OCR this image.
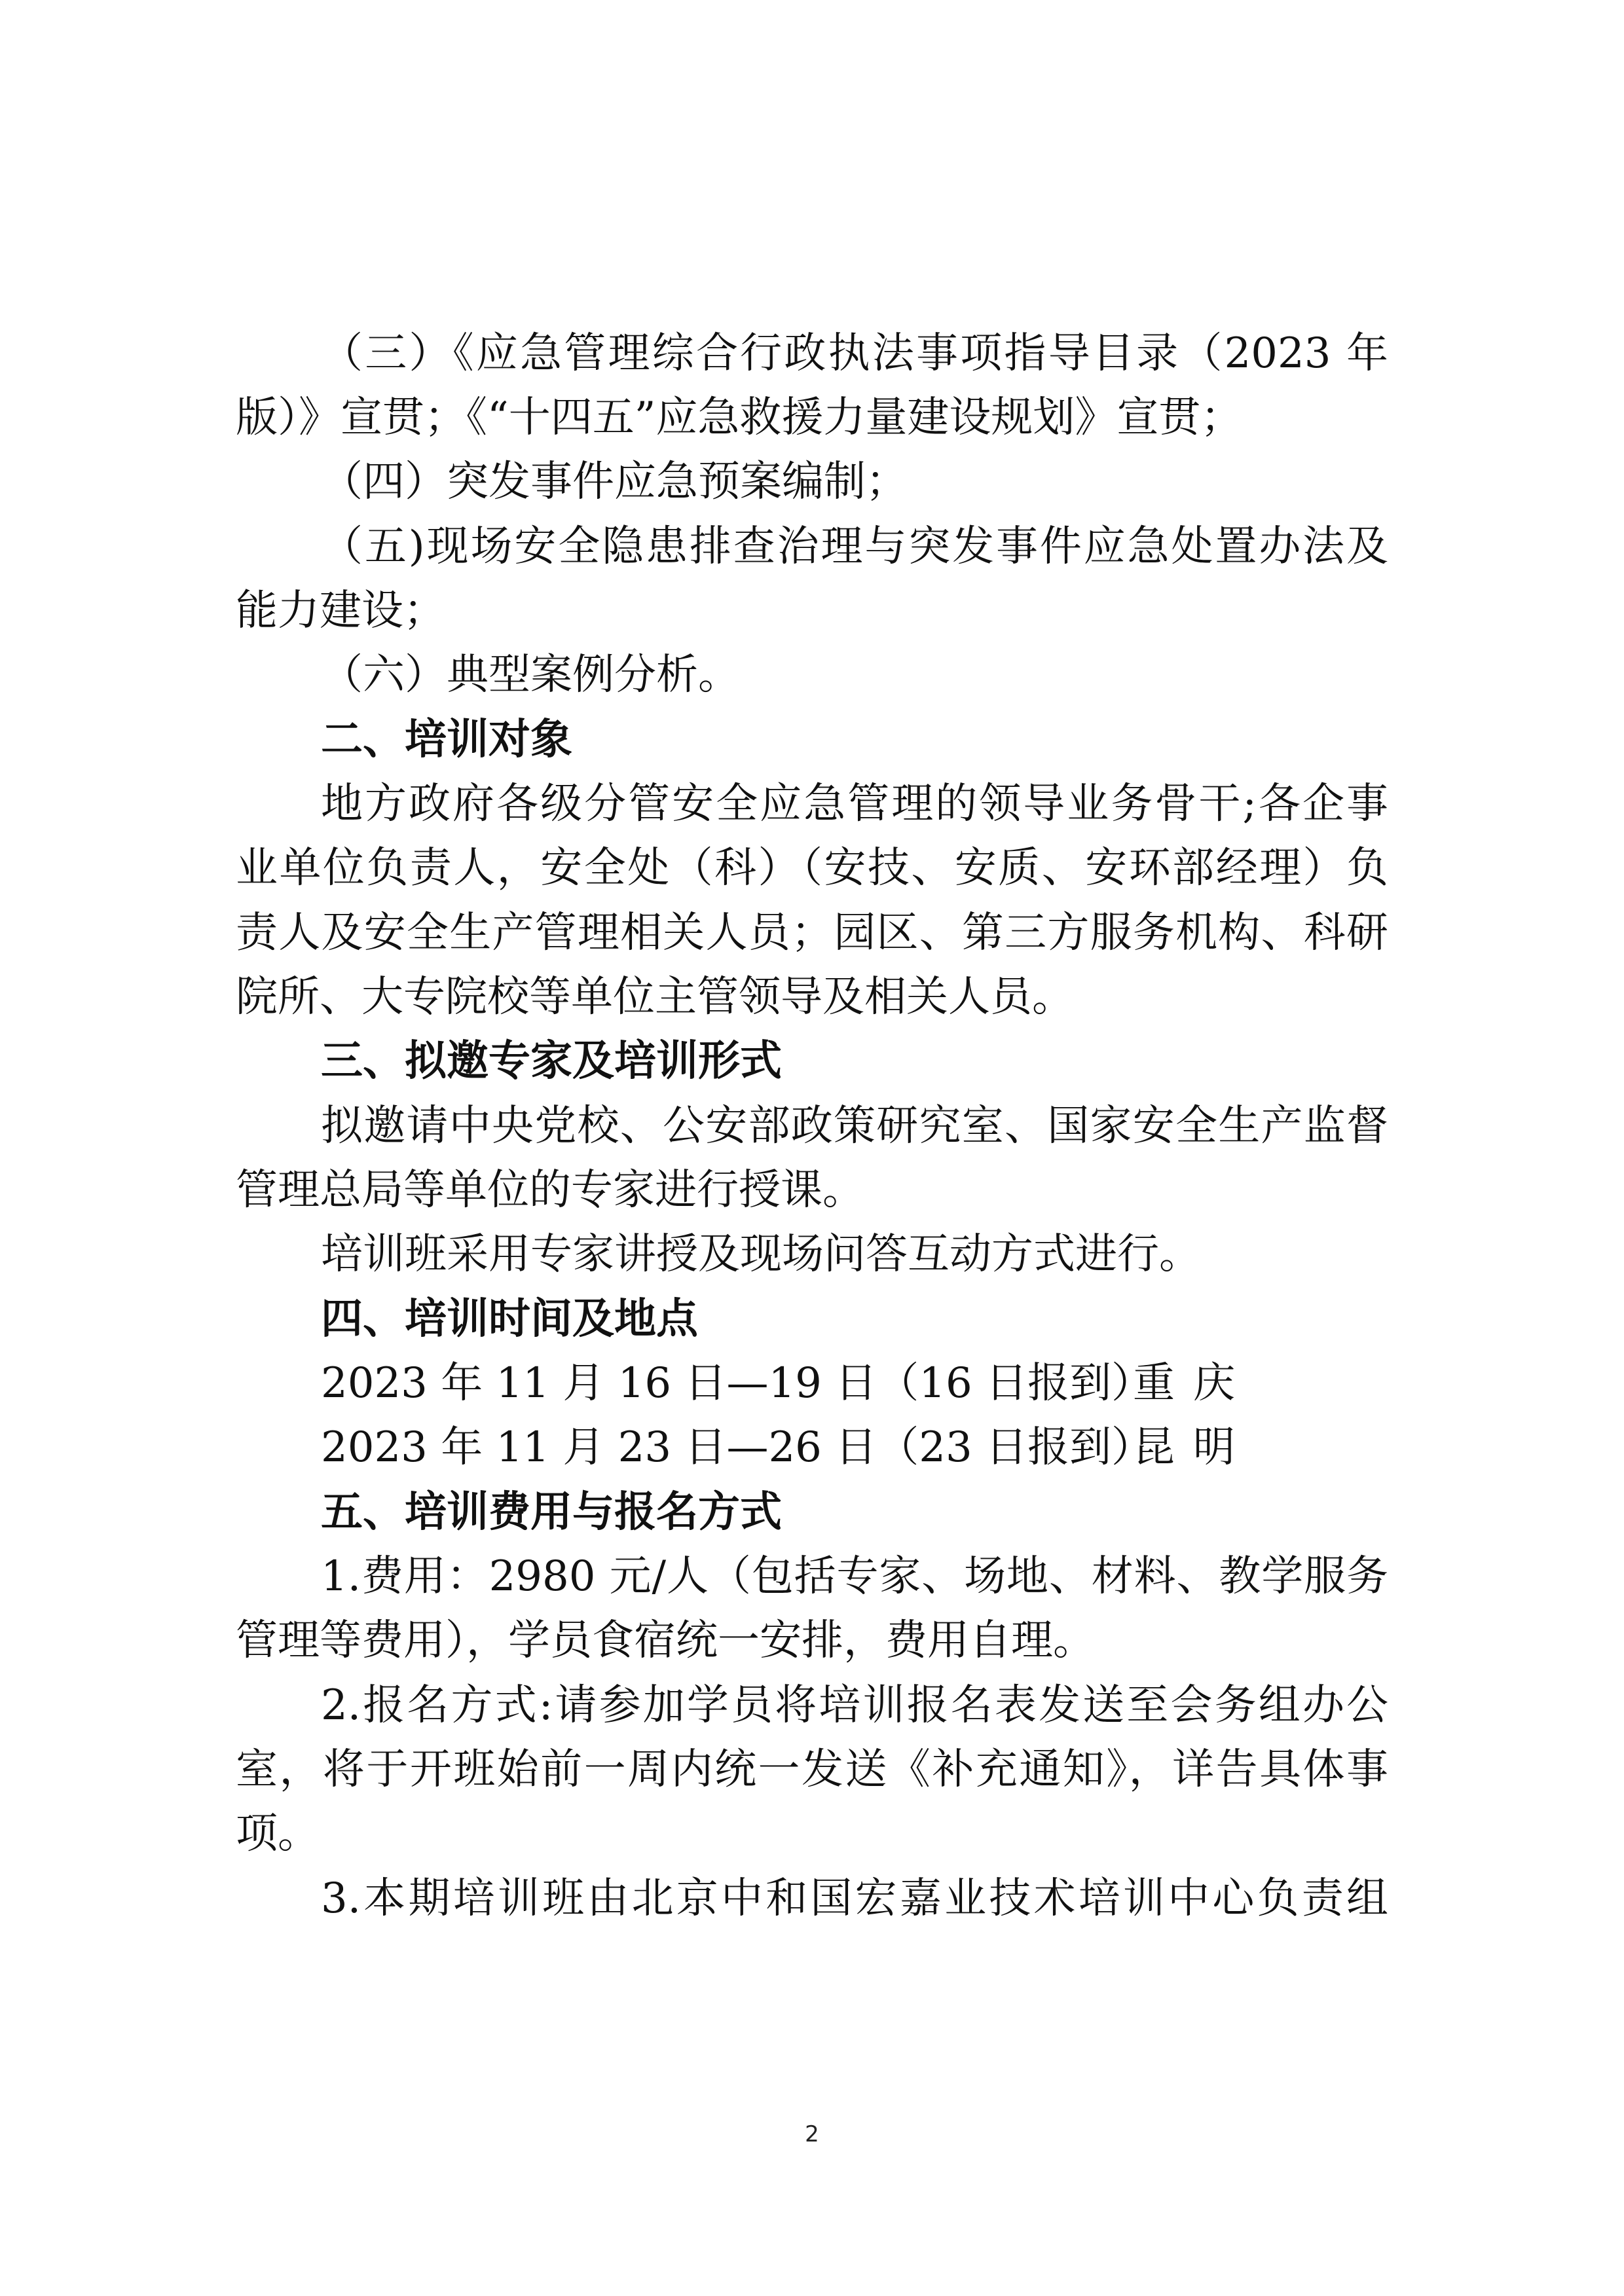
（三）《应急管理综合行政执法事项指导目录（2023 年
版）》宣贯；《“十四五”应急救援力量建设规划》宣贯；
（四）突发事件应急预案编制；
（五)现场安全隐患排查治理与突发事件应急处置办法及
能力建设；
（六）典型案例分析。
二、培训对象
地方政府各级分管安全应急管理的领导业务骨干;各企事
业单位负责人，安全处（科）（安技、安质、安环部经理）负
责人及安全生产管理相关人员；园区、第三方服务机构、科研
院所、大专院校等单位主管领导及相关人员。
三、拟邀专家及培训形式
拟邀请中央党校、公安部政策研究室、国家安全生产监督
管理总局等单位的专家进行授课。
培训班采用专家讲授及现场问答互动方式进行。
四、培训时间及地点
2023 年 11 月 16 日—19 日（16 日报到）
重庆
2023 年 11 月 23 日—26 日（23 日报到）
昆明
五、培训费用与报名方式
1.费用：2980 元/人（包括专家、场地、材料、教学服务
管理等费用），学员食宿统一安排，费用自理。
2.报名方式:请参加学员将培训报名表发送至会务组办公
室，将于开班始前一周内统一发送《补充通知》，详告具体事
项。
3.本期培训班由北京中和国宏嘉业技术培训中心负责组
2
